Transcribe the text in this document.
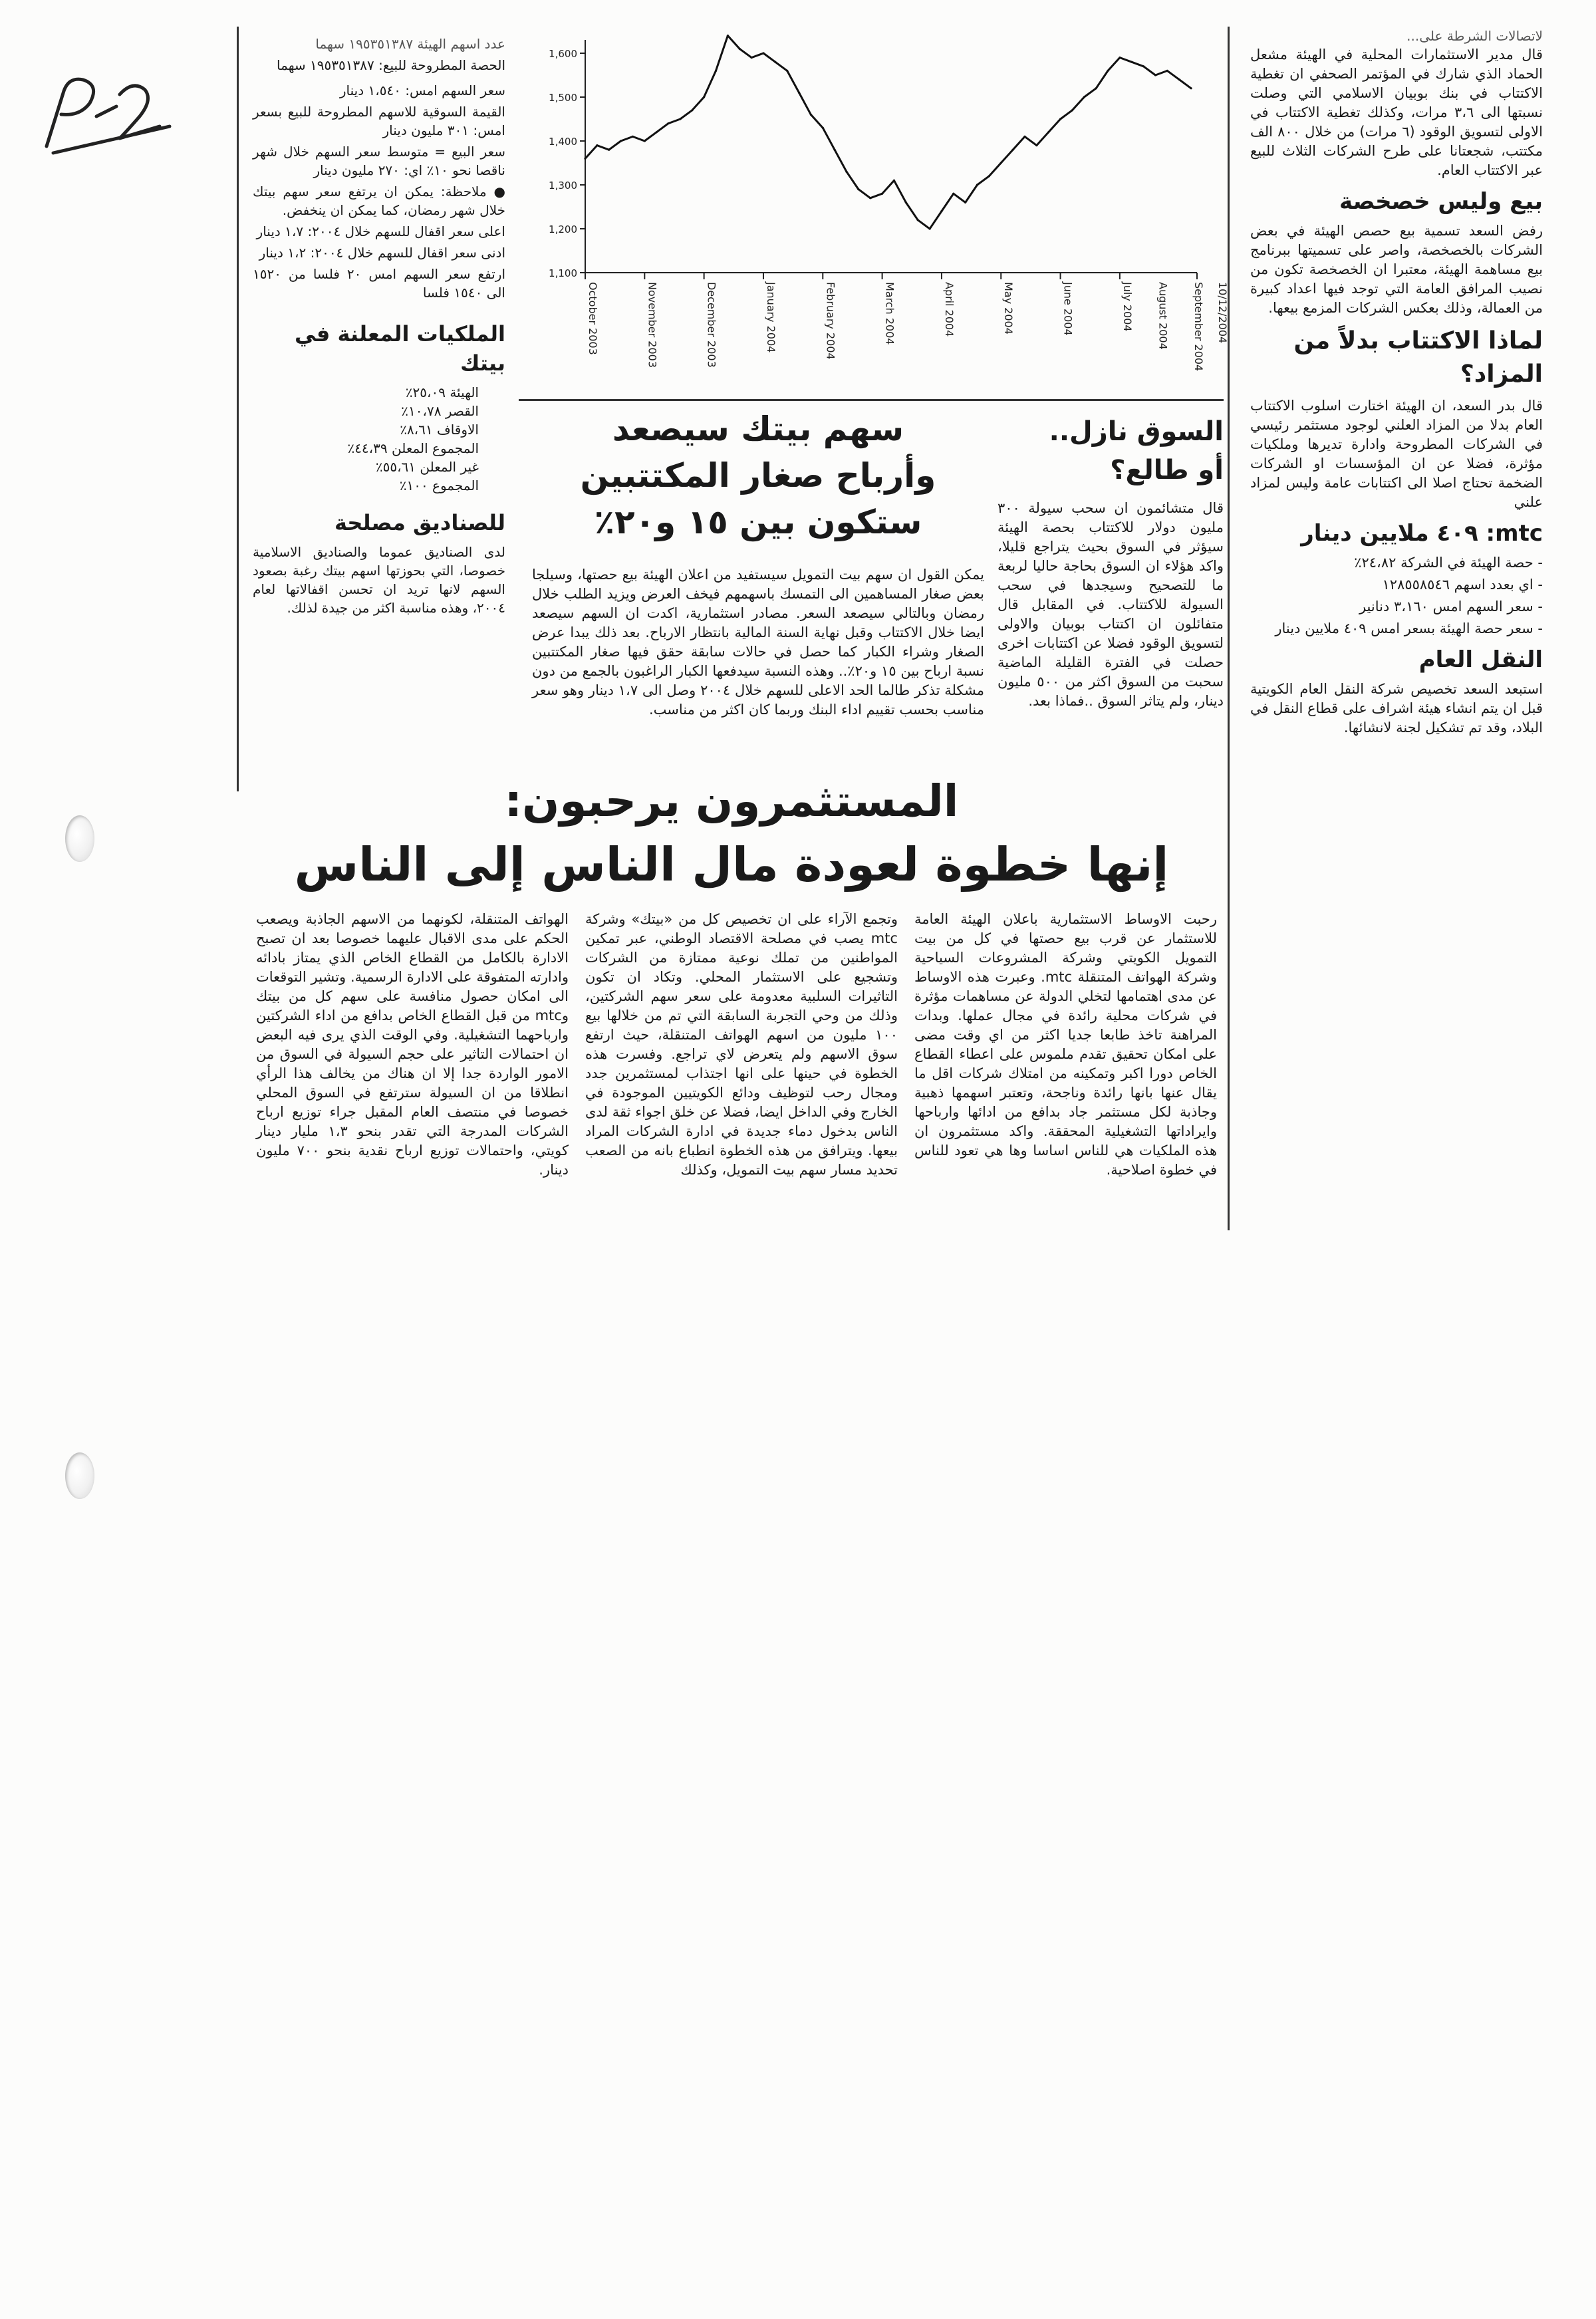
P-2
لاتصالات الشرطة على...

قال مدير الاستثمارات المحلية في الهيئة مشعل الحماد الذي شارك في المؤتمر الصحفي ان تغطية الاكتتاب في بنك بوبيان الاسلامي التي وصلت نسبتها الى ٣،٦ مرات، وكذلك تغطية الاكتتاب في الاولى لتسويق الوقود (٦ مرات) من خلال ٨٠٠ الف مكتتب، شجعتانا على طرح الشركات الثلاث للبيع عبر الاكتتاب العام.

بيع وليس خصخصة

رفض السعد تسمية بيع حصص الهيئة في بعض الشركات بالخصخصة، واصر على تسميتها ببرنامج بيع مساهمة الهيئة، معتبرا ان الخصخصة تكون من نصيب المرافق العامة التي توجد فيها اعداد كبيرة من العمالة، وذلك بعكس الشركات المزمع بيعها.

لماذا الاكتتاب بدلاً من المزاد؟

قال بدر السعد، ان الهيئة اختارت اسلوب الاكتتاب العام بدلا من المزاد العلني لوجود مستثمر رئيسي في الشركات المطروحة وادارة تديرها وملكيات مؤثرة، فضلا عن ان المؤسسات او الشركات الضخمة تحتاج اصلا الى اكتتابات عامة وليس لمزاد علني

mtc: ٤٠٩ ملايين دينار

- حصة الهيئة في الشركة ٢٤،٨٢٪

- اي بعدد اسهم ١٢٨٥٥٨٥٤٦

- سعر السهم امس ٣،١٦٠ دنانير

- سعر حصة الهيئة بسعر امس ٤٠٩ ملايين دينار

النقل العام

استبعد السعد تخصيص شركة النقل العام الكويتية قبل ان يتم انشاء هيئة اشراف على قطاع النقل في البلاد، وقد تم تشكيل لجنة لانشائها.

1,100
1,200
1,300
1,400
1,500
1,600
October 2003	November 2003	December 2003	January 2004	February 2004	March 2004	April 2004	May 2004	June 2004	July 2004 August 2004 September 2004 10/12/2004
السوق نازل..
أو طالع؟
قال متشائمون ان سحب سيولة ٣٠٠ مليون دولار للاكتتاب بحصة الهيئة سيؤثر في السوق بحيث يتراجع قليلا، واكد هؤلاء ان السوق بحاجة حاليا لربعة ما للتصحيح وسيجدها في سحب السيولة للاكتتاب. في المقابل قال متفائلون ان اكتتاب بوبيان والاولى لتسويق الوقود فضلا عن اكتتابات اخرى حصلت في الفترة القليلة الماضية سحبت من السوق اكثر من ٥٠٠ مليون دينار، ولم يتاثر السوق ..فماذا بعد.
سهم بيتك سيصعد
وأرباح صغار المكتتبين
ستكون بين ١٥ و٢٠٪
يمكن القول ان سهم بيت التمويل سيستفيد من اعلان الهيئة بيع حصتها، وسيلجا بعض صغار المساهمين الى التمسك باسهمهم فيخف العرض ويزيد الطلب خلال رمضان وبالتالي سيصعد السعر. مصادر استثمارية، اكدت ان السهم سيصعد ايضا خلال الاكتتاب وقبل نهاية السنة المالية بانتظار الارباح. بعد ذلك يبدا عرض الصغار وشراء الكبار كما حصل في حالات سابقة حقق فيها صغار المكتتبين نسبة ارباح بين ١٥ و٢٠٪.. وهذه النسبة سيدفعها الكبار الراغبون بالجمع من دون مشكلة تذكر طالما الحد الاعلى للسهم خلال ٢٠٠٤ وصل الى ١،٧ دينار وهو سعر مناسب بحسب تقييم اداء البنك وربما كان اكثر من مناسب.

عدد اسهم الهيئة ١٩٥٣٥١٣٨٧ سهما

الحصة المطروحة للبيع: ١٩٥٣٥١٣٨٧ سهما

سعر السهم امس: ١،٥٤٠ دينار

القيمة السوقية للاسهم المطروحة للبيع بسعر امس: ٣٠١ مليون دينار

سعر البيع = متوسط سعر السهم خلال شهر ناقصا نحو ١٠٪ اي: ٢٧٠ مليون دينار

● ملاحظة: يمكن ان يرتفع سعر سهم بيتك خلال شهر رمضان، كما يمكن ان ينخفض.

اعلى سعر اقفال للسهم خلال ٢٠٠٤: ١،٧ دينار

ادنى سعر اقفال للسهم خلال ٢٠٠٤: ١،٢ دينار

ارتفع سعر السهم امس ٢٠ فلسا من ١٥٢٠ الى ١٥٤٠ فلسا

الملكيات المعلنة في بيتك
الهيئة ٢٥،٠٩٪
القصر ١٠،٧٨٪
الاوقاف ٨،٦١٪
المجموع المعلن ٤٤،٣٩٪
غير المعلن ٥٥،٦١٪
المجموع ١٠٠٪
للصناديق مصلحة

لدى الصناديق عموما والصناديق الاسلامية خصوصا، التي بحوزتها اسهم بيتك رغبة بصعود السهم لانها تريد ان تحسن اقفالاتها لعام ٢٠٠٤، وهذه مناسبة اكثر من جيدة لذلك.

المستثمرون يرحبون:
إنها خطوة لعودة مال الناس إلى الناس
رحبت الاوساط الاستثمارية باعلان الهيئة العامة للاستثمار عن قرب بيع حصتها في كل من بيت التمويل الكويتي وشركة المشروعات السياحية وشركة الهواتف المتنقلة mtc. وعبرت هذه الاوساط عن مدى اهتمامها لتخلي الدولة عن مساهمات مؤثرة في شركات محلية رائدة في مجال عملها. وبدات المراهنة تاخذ طابعا جديا اكثر من اي وقت مضى على امكان تحقيق تقدم ملموس على اعطاء القطاع الخاص دورا اكبر وتمكينه من امتلاك شركات اقل ما يقال عنها بانها رائدة وناجحة، وتعتبر اسهمها ذهبية وجاذبة لكل مستثمر جاد بدافع من ادائها وارباحها وايراداتها التشغيلية المحققة. واكد مستثمرون ان هذه الملكيات هي للناس اساسا وها هي تعود للناس في خطوة اصلاحية.
وتجمع الآراء على ان تخصيص كل من «بيتك» وشركة mtc يصب في مصلحة الاقتصاد الوطني، عبر تمكين المواطنين من تملك نوعية ممتازة من الشركات وتشجيع على الاستثمار المحلي. وتكاد ان تكون التاثيرات السلبية معدومة على سعر سهم الشركتين، وذلك من وحي التجربة السابقة التي تم من خلالها بيع ١٠٠ مليون من اسهم الهواتف المتنقلة، حيث ارتفع سوق الاسهم ولم يتعرض لاي تراجع. وفسرت هذه الخطوة في حينها على انها اجتذاب لمستثمرين جدد ومجال رحب لتوظيف ودائع الكويتيين الموجودة في الخارج وفي الداخل ايضا، فضلا عن خلق اجواء ثقة لدى الناس بدخول دماء جديدة في ادارة الشركات المراد بيعها. ويترافق من هذه الخطوة انطباع بانه من الصعب تحديد مسار سهم بيت التمويل، وكذلك
الهواتف المتنقلة، لكونهما من الاسهم الجاذبة ويصعب الحكم على مدى الاقبال عليهما خصوصا بعد ان تصبح الادارة بالكامل من القطاع الخاص الذي يمتاز بادائه وادارته المتفوقة على الادارة الرسمية. وتشير التوقعات الى امكان حصول منافسة على سهم كل من بيتك وmtc من قبل القطاع الخاص بدافع من اداء الشركتين وارباحهما التشغيلية. وفي الوقت الذي يرى فيه البعض ان احتمالات التاثير على حجم السيولة في السوق من الامور الواردة جدا إلا ان هناك من يخالف هذا الرأي انطلاقا من ان السيولة سترتفع في السوق المحلي خصوصا في منتصف العام المقبل جراء توزيع ارباح الشركات المدرجة التي تقدر بنحو ١،٣ مليار دينار كويتي، واحتمالات توزيع ارباح نقدية بنحو ٧٠٠ مليون دينار.
